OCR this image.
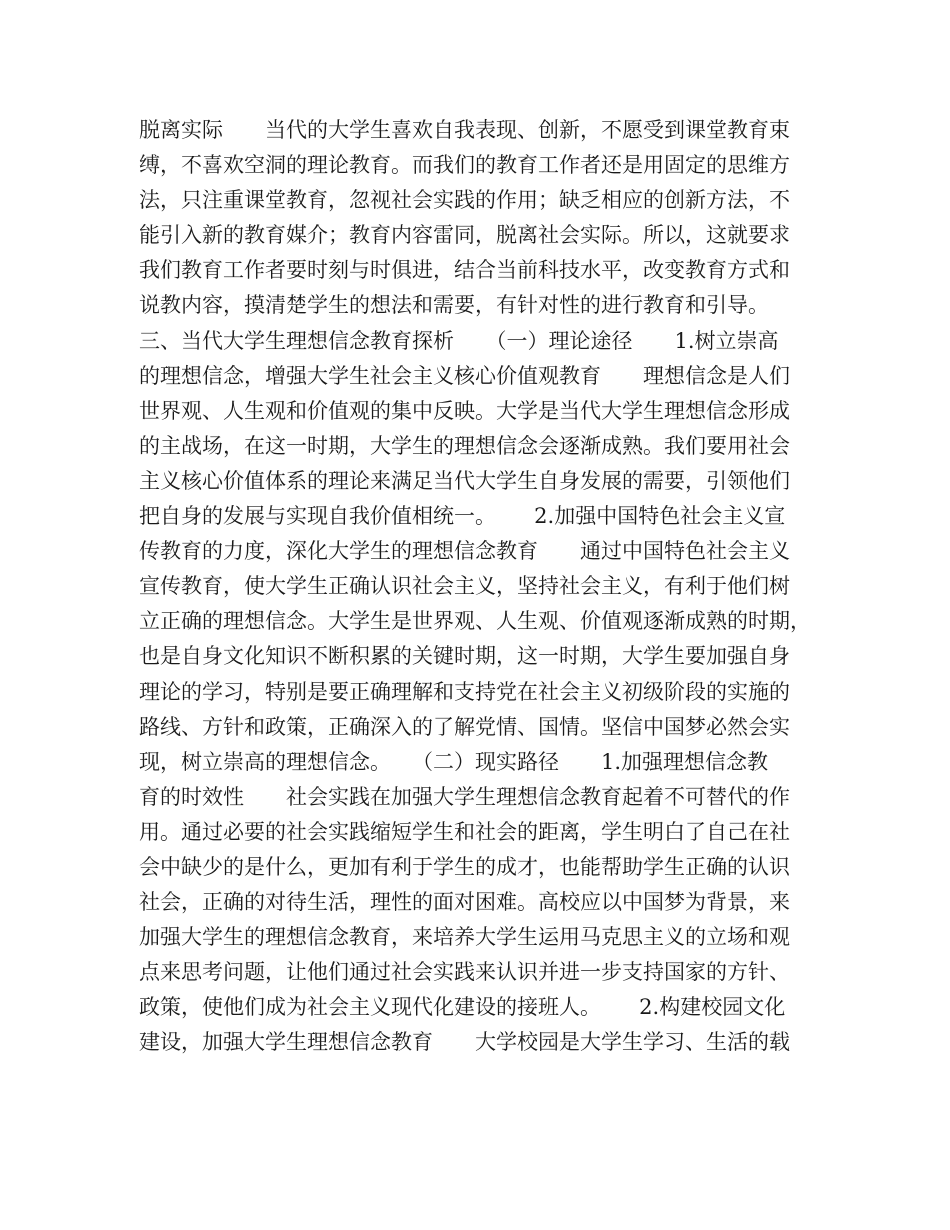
脱离实际　　当代的大学生喜欢自我表现、创新，不愿受到课堂教育束
缚，不喜欢空洞的理论教育。而我们的教育工作者还是用固定的思维方
法，只注重课堂教育，忽视社会实践的作用；缺乏相应的创新方法，不
能引入新的教育媒介；教育内容雷同，脱离社会实际。所以，这就要求
我们教育工作者要时刻与时俱进，结合当前科技水平，改变教育方式和
说教内容，摸清楚学生的想法和需要，有针对性的进行教育和引导。
三、当代大学生理想信念教育探析　　（一）理论途径　　1.树立崇高
的理想信念，增强大学生社会主义核心价值观教育　　理想信念是人们
世界观、人生观和价值观的集中反映。大学是当代大学生理想信念形成
的主战场，在这一时期，大学生的理想信念会逐渐成熟。我们要用社会
主义核心价值体系的理论来满足当代大学生自身发展的需要，引领他们
把自身的发展与实现自我价值相统一。　　 2.加强中国特色社会主义宣
传教育的力度，深化大学生的理想信念教育　　通过中国特色社会主义
宣传教育，使大学生正确认识社会主义，坚持社会主义，有利于他们树
立正确的理想信念。大学生是世界观、人生观、价值观逐渐成熟的时期，
也是自身文化知识不断积累的关键时期，这一时期，大学生要加强自身
理论的学习，特别是要正确理解和支持党在社会主义初级阶段的实施的
路线、方针和政策，正确深入的了解党情、国情。坚信中国梦必然会实
现，树立崇高的理想信念。　　（二）现实路径　　1.加强理想信念教
育的时效性　　社会实践在加强大学生理想信念教育起着不可替代的作
用。通过必要的社会实践缩短学生和社会的距离，学生明白了自己在社
会中缺少的是什么，更加有利于学生的成才，也能帮助学生正确的认识
社会，正确的对待生活，理性的面对困难。高校应以中国梦为背景，来
加强大学生的理想信念教育，来培养大学生运用马克思主义的立场和观
点来思考问题，让他们通过社会实践来认识并进一步支持国家的方针、
政策，使他们成为社会主义现代化建设的接班人。　　 2.构建校园文化
建设，加强大学生理想信念教育　　大学校园是大学生学习、生活的载
